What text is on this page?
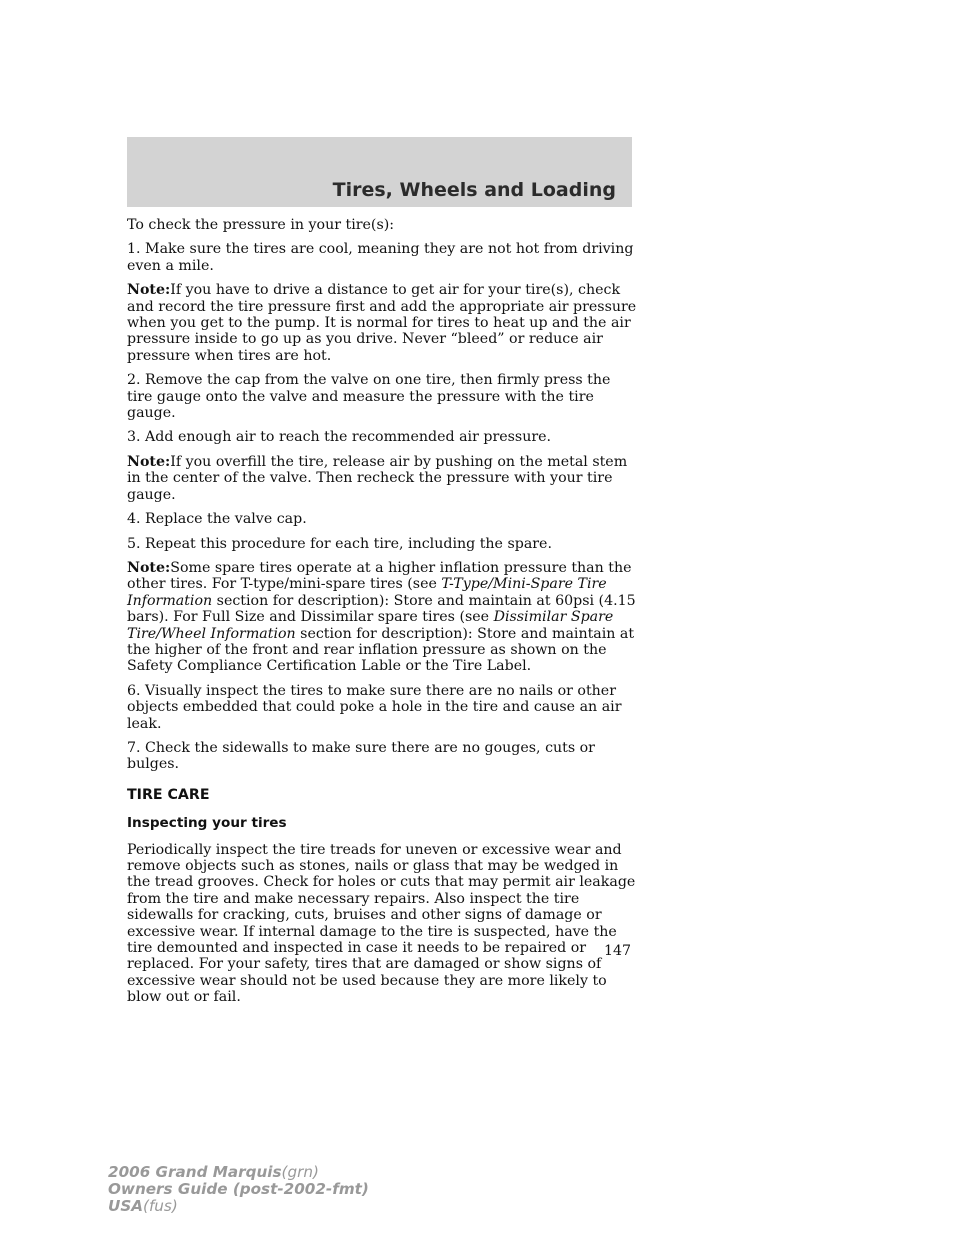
Tires, Wheels and Loading

To check the pressure in your tire(s):

1. Make sure the tires are cool, meaning they are not hot from driving even a mile.

Note:If you have to drive a distance to get air for your tire(s), check and record the tire pressure first and add the appropriate air pressure when you get to the pump. It is normal for tires to heat up and the air pressure inside to go up as you drive. Never “bleed” or reduce air pressure when tires are hot.

2. Remove the cap from the valve on one tire, then firmly press the tire gauge onto the valve and measure the pressure with the tire gauge.

3. Add enough air to reach the recommended air pressure.

Note:If you overfill the tire, release air by pushing on the metal stem in the center of the valve. Then recheck the pressure with your tire gauge.

4. Replace the valve cap.

5. Repeat this procedure for each tire, including the spare.

Note:Some spare tires operate at a higher inflation pressure than the other tires. For T-type/mini-spare tires (see T-Type/Mini-Spare Tire Information section for description): Store and maintain at 60psi (4.15 bars). For Full Size and Dissimilar spare tires (see Dissimilar Spare Tire/Wheel Information section for description): Store and maintain at the higher of the front and rear inflation pressure as shown on the Safety Compliance Certification Lable or the Tire Label.

6. Visually inspect the tires to make sure there are no nails or other objects embedded that could poke a hole in the tire and cause an air leak.

7. Check the sidewalls to make sure there are no gouges, cuts or bulges.

TIRE CARE

Inspecting your tires

Periodically inspect the tire treads for uneven or excessive wear and remove objects such as stones, nails or glass that may be wedged in the tread grooves. Check for holes or cuts that may permit air leakage from the tire and make necessary repairs. Also inspect the tire sidewalls for cracking, cuts, bruises and other signs of damage or excessive wear. If internal damage to the tire is suspected, have the tire demounted and inspected in case it needs to be repaired or replaced. For your safety, tires that are damaged or show signs of excessive wear should not be used because they are more likely to blow out or fail.

147
2006 Grand Marquis(grn)
Owners Guide (post-2002-fmt)
USA(fus)
